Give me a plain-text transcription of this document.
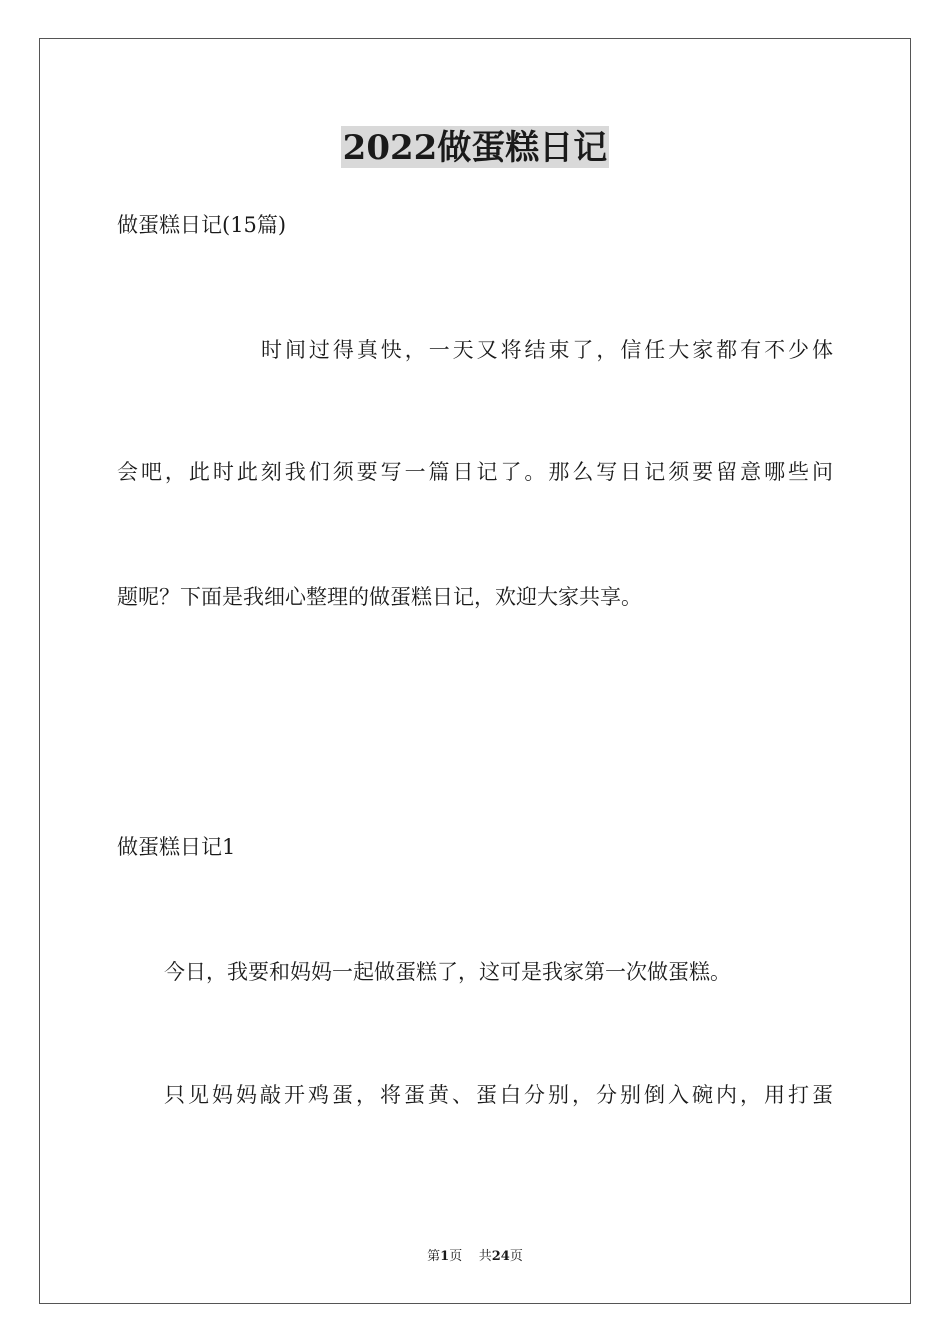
2022做蛋糕日记
做蛋糕日记(15篇)
时间过得真快，一天又将结束了，信任大家都有不少体
会吧，此时此刻我们须要写一篇日记了。那么写日记须要留意哪些问
题呢？下面是我细心整理的做蛋糕日记，欢迎大家共享。
做蛋糕日记1
今日，我要和妈妈一起做蛋糕了，这可是我家第一次做蛋糕。
只见妈妈敲开鸡蛋，将蛋黄、蛋白分别，分别倒入碗内，用打蛋
第1页 共24页
